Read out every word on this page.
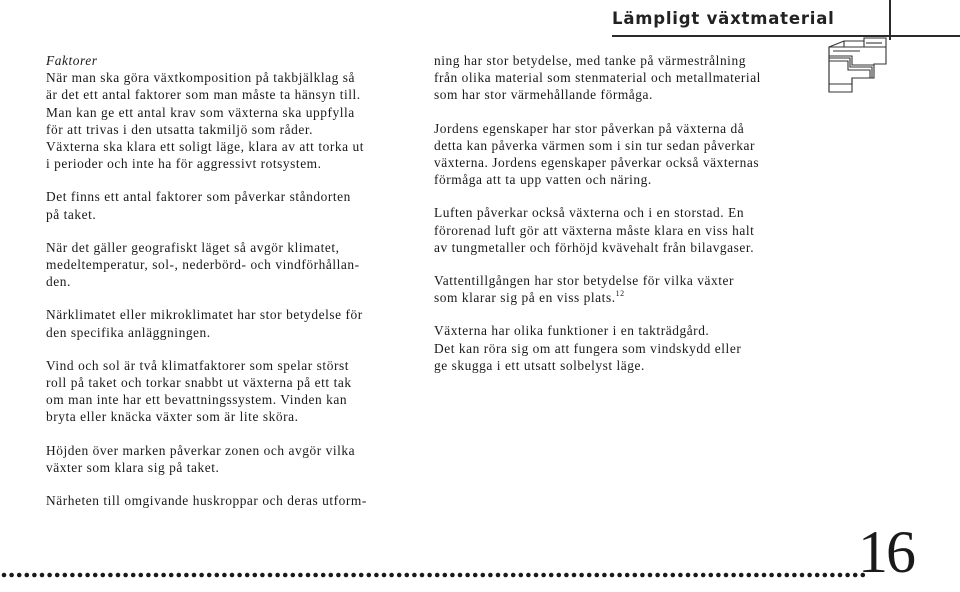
Lämpligt växtmaterial

Faktorer
När man ska göra växtkomposition på takbjälklag så
är det ett antal faktorer som man måste ta hänsyn till.
Man kan ge ett antal krav som växterna ska uppfylla
för att trivas i den utsatta takmiljö som råder.
Växterna ska klara ett soligt läge, klara av att torka ut
i perioder och inte ha för aggressivt rotsystem.

Det finns ett antal faktorer som påverkar ståndorten
på taket.

När det gäller geografiskt läget så avgör klimatet,
medeltemperatur, sol-, nederbörd- och vindförhållan-
den.

Närklimatet eller mikroklimatet har stor betydelse för
den specifika anläggningen.

Vind och sol är två klimatfaktorer som spelar störst
roll på taket och torkar snabbt ut växterna på ett tak
om man inte har ett bevattningssystem. Vinden kan
bryta eller knäcka växter som är lite sköra.

Höjden över marken påverkar zonen och avgör vilka
växter som klara sig på taket.

Närheten till omgivande huskroppar och deras utform-

ning har stor betydelse, med tanke på värmestrålning
från olika material som stenmaterial och metallmaterial
som har stor värmehållande förmåga.

Jordens egenskaper har stor påverkan på växterna då
detta kan påverka värmen som i sin tur sedan påverkar
växterna. Jordens egenskaper påverkar också växternas
förmåga att ta upp vatten och näring.

Luften påverkar också växterna och i en storstad. En
förorenad luft gör att växterna måste klara en viss halt
av tungmetaller och förhöjd kvävehalt från bilavgaser.

Vattentillgången har stor betydelse för vilka växter
som klarar sig på en viss plats.$^{12}$

Växterna har olika funktioner i en takträdgård.
Det kan röra sig om att fungera som vindskydd eller
ge skugga i ett utsatt solbelyst läge.

16
